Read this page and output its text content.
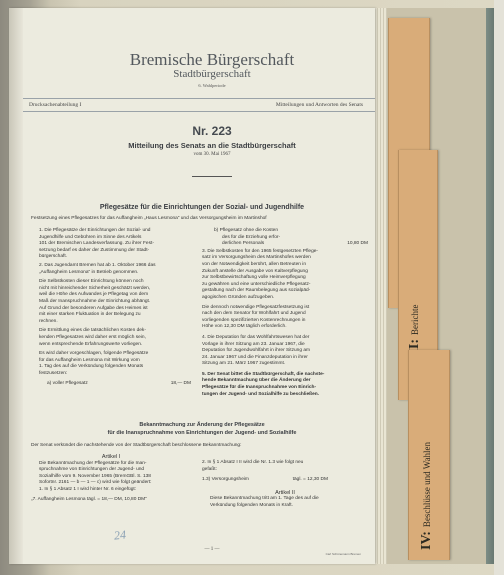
Berichte
IV:Beschlüsse und Wahlen
Bremische Bürgerschaft
Stadtbürgerschaft
6. Wahlperiode
Drucksachenabteilung I	Mitteilungen und Antworten des Senats
Nr. 223
Mitteilung des Senats an die Stadtbürgerschaft
vom 30. Mai 1967
Pflegesätze für die Einrichtungen der Sozial- und Jugendhilfe
Festsetzung eines Pflegesatzes für das Auffangheim „Haus Lesmona“ und das Versorgungsheim im Martinshof
1. Die Pflegesätze der Einrichtungen der Sozial- und
Jugendhilfe und Gebühren im Sinne des Artikels
101 der Bremischen Landesverfassung. Zu ihrer Fest-
setzung bedarf es daher der Zustimmung der Stadt-
bürgerschaft.
2. Das Jugendamt Bremen hat ab 1. Oktober 1966 das
„Auffangheim Lesmona“ in Betrieb genommen.
Die Selbstkosten dieser Einrichtung können noch
nicht mit hinreichender Sicherheit geschätzt werden,
weil die Höhe des Aufwandes je Pflegetag von dem
Maß der Inanspruchnahme der Einrichtung abhängt.
Auf Grund der besonderen Aufgabe des Heimes ist
mit einer starken Fluktuation in der Belegung zu
rechnen.
Die Ermittlung eines die tatsächlichen Kosten dek-
kenden Pflegesatzes wird daher erst möglich sein,
wenn entsprechende Erfahrungswerte vorliegen.
Es wird daher vorgeschlagen, folgende Pflegesätze
für das Auffangheim Lesmona mit Wirkung vom
1. Tag des auf die Verkündung folgenden Monats
festzusetzen:
a) voller Pflegesatz	18,— DM
b) Pflegesatz ohne die Kosten
des für die Erziehung erfor-
derlichen Personals	10,80 DM
3. Die Selbstkosten für den 1965 festgesetzten Pflege-
satz im Versorgungsheim des Martinshofes werden
von der Notwendigkeit berührt, allen Betreuten in
Zukunft anstelle der Ausgabe von Kaltverpflegung
zur Selbstbewirtschaftung volle Heimverpflegung
zu gewähren und eine unterschiedliche Pflegesatz-
gestaltung nach der Raumbelegung aus sozialpäd-
agogischen Gründen aufzugeben.
Die dennoch notwendige Pflegesatzfestsetzung ist
nach den dem Senator für Wohlfahrt und Jugend
vorliegenden spezifizierten Kostenrechnungen in
Höhe von 12,30 DM täglich erforderlich.
4. Die Deputation für das Wohlfahrtswesen hat der
Vorlage in ihrer Sitzung am 23. Januar 1967, die
Deputation für Jugendwohlfahrt in ihrer Sitzung am
24. Januar 1967 und die Finanzdeputation in ihrer
Sitzung am 21. März 1967 zugestimmt.
5. Der Senat bittet die Stadtbürgerschaft, die nachste-
hende Bekanntmachung über die Änderung der
Pflegesätze für die Inanspruchnahme von Einrich-
tungen der Jugend- und Sozialhilfe zu beschließen.
Bekanntmachung zur Änderung der Pflegesätze
für die Inanspruchnahme von Einrichtungen der Jugend- und Sozialhilfe
Der Senat verkündet die nachstehende von der Stadtbürgerschaft beschlossene Bekanntmachung:
Artikel I
Die Bekanntmachung der Pflegesätze für die Inan-
spruchnahme von Einrichtungen der Jugend- und
Sozialhilfe vom 9. November 1965 (BremGBl. S. 138
Sofortnr. 2161 — b — 1 — c) wird wie folgt geändert:
1. In § 1 Absatz 1 I wird hinter Nr. 6 eingefügt:
„7. Auffangheim Lesmona tägl. = 18,— DM, 10,80 DM“
2. In § 1 Absatz I II wird die Nr. 1.3 wie folgt neu
gefaßt:
1.3) Versorgungsheim	tägl. = 12,30 DM
Artikel II
Diese Bekanntmachung tritt am 1. Tage des auf die
Verkündung folgenden Monats in Kraft.
24
— 1 —
Carl Schünemann Bremen
